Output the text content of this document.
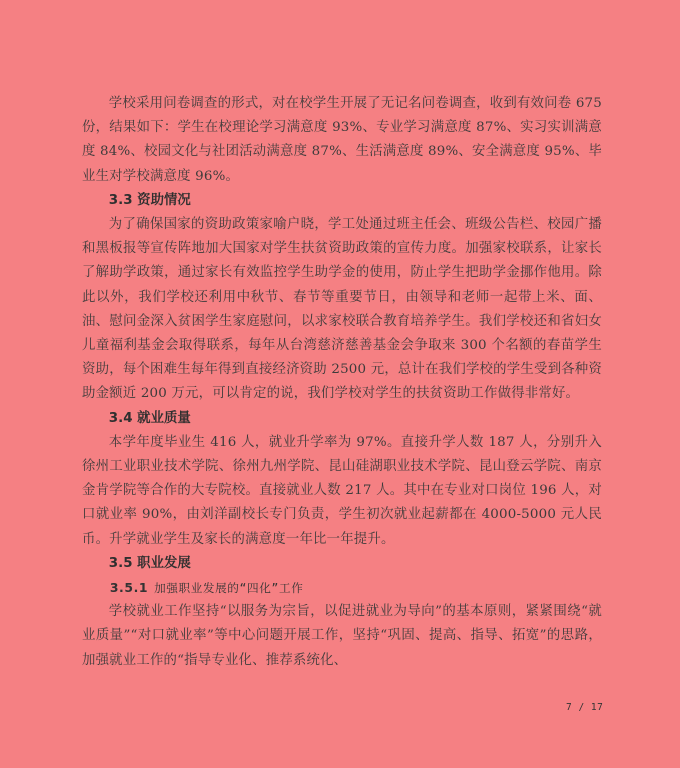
学校采用问卷调查的形式，对在校学生开展了无记名问卷调查，收到有效问卷 675 份，结果如下：学生在校理论学习满意度 93%、专业学习满意度 87%、实习实训满意度 84%、校园文化与社团活动满意度 87%、生活满意度 89%、安全满意度 95%、毕业生对学校满意度 96%。

3.3 资助情况

为了确保国家的资助政策家喻户晓，学工处通过班主任会、班级公告栏、校园广播和黑板报等宣传阵地加大国家对学生扶贫资助政策的宣传力度。加强家校联系，让家长了解助学政策，通过家长有效监控学生助学金的使用，防止学生把助学金挪作他用。除此以外，我们学校还利用中秋节、春节等重要节日，由领导和老师一起带上米、面、油、慰问金深入贫困学生家庭慰问，以求家校联合教育培养学生。我们学校还和省妇女儿童福利基金会取得联系，每年从台湾慈济慈善基金会争取来 300 个名额的春苗学生资助，每个困难生每年得到直接经济资助 2500 元，总计在我们学校的学生受到各种资助金额近 200 万元，可以肯定的说，我们学校对学生的扶贫资助工作做得非常好。

3.4 就业质量

本学年度毕业生 416 人，就业升学率为 97%。直接升学人数 187 人，分别升入徐州工业职业技术学院、徐州九州学院、昆山硅湖职业技术学院、昆山登云学院、南京金肯学院等合作的大专院校。直接就业人数 217 人。其中在专业对口岗位 196 人，对口就业率 90%，由刘洋副校长专门负责，学生初次就业起薪都在 4000-5000 元人民币。升学就业学生及家长的满意度一年比一年提升。

3.5 职业发展

3.5.1 加强职业发展的“四化”工作

学校就业工作坚持“以服务为宗旨，以促进就业为导向”的基本原则，紧紧围绕“就业质量”“对口就业率”等中心问题开展工作，坚持“巩固、提高、指导、拓宽”的思路，加强就业工作的“指导专业化、推荐系统化、

7 / 17
